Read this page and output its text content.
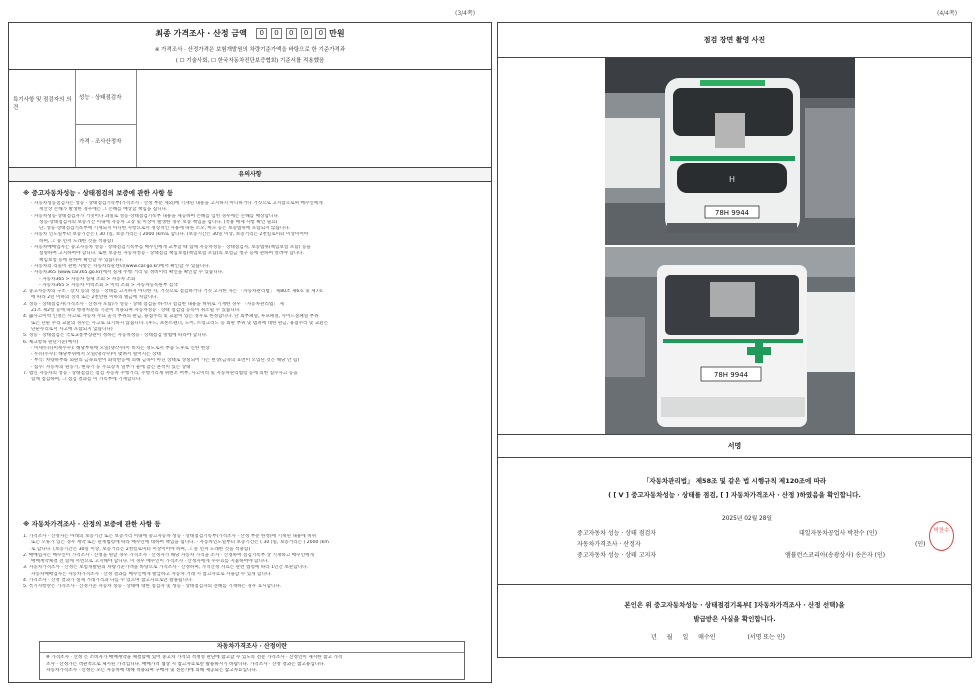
(3/4쪽)	(4/4쪽)
최종 가격조사 · 산정 금액 0 0 0 0 0 만원
※ 가격조사 · 산정가격은 보험개발원의 차량기준가액을 바탕으로 한 기준가격과
( ☐ 기술사회, ☐ 한국자동차진단보증협회) 기준서를 적용했음
특기사항 및 점검자의 의견
성능 · 상태점검자
가격 · 조사산정자
유의사항
※ 중고자동차성능 · 상태점검의 보증에 관한 사항 등
· 자동차성능점검자는 성능 · 상태점검기록부(가격조사 · 산정 부분 제외)에 기재된 내용을 고지하지 아니하거나 거짓으로 고지함으로써 매수인에게
재산상 손해가 발생한 경우에는 그 손해를 배상할 책임을 집니다.
· 자동차성능·상태점검자가 거짓이나 과실로 성능·상태점검기록부 내용을 제공하여 손해를 입힌 경우에는 손해를 배상합니다.
성능·상태점검자의 보증기간 이내에 자동차 고장 및 이상이 발생한 경우 보증 책임을 집니다. (적용 배제 사항 확인 필요)
단, 성능·상태점검기록부에 기재되지 아니한 사항으로서 정상적인 사용에 따른 소모, 마모 등은 보증범위에 포함되지 않습니다.
· 자동차 인도일부터 보증기간은 ( 30 )일, 보증거리는 ( 2000 )km로 합니다. (보증기간은 30일 이상, 보증거리는 2천킬로미터 이상이어야
하며, 그 중 먼저 도래한 것을 적용함)
· 자동차매매업자는 중고자동차 성능 · 상태점검기록부를 매수인에게 교부할 때 함께 자동차성능 · 상태점검자, 보증범위(책임보험 포함) 등을
설명하여 고지하여야 합니다. 또한 보증된 자동차성능 · 상태점검 책임보험(책임보험 포함)의 보험금 청구 등에 관하여 알려야 합니다.
책임보험 등에 관하여 확인할 수 있습니다.
· 자동차의 리콜이 관한 사항은 자동차리콜센터(www.car.go.kr)에서 확인할 수 있습니다.
· 자동차365 (www.car365.go.kr)에서 실제 주행 거리 및 정비이력 확인을 확인할 수 있습니다.
- 자동차365 > 자동차 실제 조회 > 자동차 조회
- 자동차365 > 자동차 이력조회 > 이력 조회 > 자동차등록원부 검색
2. 중고자동차의 구조 · 장치 등의 성능 · 상태를 고지하지 아니한 자, 거짓으로 점검하거나 거짓 고지한 자는 「자동차관리법」 제80조 제6호 및 제7호
에 따라 2년 이하의 징역 또는 2천만원 이하의 벌금에 처합니다.
3. 성능 · 상태점검자(가격조사 · 산정자 포함)가 성능 · 상태 점검을 하거나 점검한 내용을 허위로 기재한 경우 「자동차관리법」 제
21조 제2항 등에 따라 행정처분의 기준이 적용되며 자동차성능 · 상태 점검업 등록이 취소될 수 있습니다.
4. @사고이력 인정은 사고로 자동차 주요 골격 부위의 판금, 용접수리 및 교환이 있는 경우로 한정합니다. 단 외부패널, 루프패널, 사이드실패널 부위
또는 단순 수리 교환의 경우는 사고로 표기하지 않습니다. (후드, 프론트펜더, 도어, 트렁크리드 등 외판 부위 및 범퍼에 대한 판금, 용접수리 및 교환은
단순수리로서 사고에 포함되지 않습니다)
5. 성능 · 상태점검은 국토교통부장관이 정하는 자동차성능 · 상태점검 방법에 따라야 합니다.
6. 체크항목 판단기준(예시)
· 미세누유(미세누수): 해당부위에 오일(냉각수)이 비치는 정도로서 부품 노후로 인한 현상
· 누유(누수): 해당부위에서 오일(냉각수)이 맺혀서 떨어지는 상태
· 부식: 차량하부와 외판의 금속표면이 화학반응에 의해 금속이 아닌 상태로 상실되어 가는 현상(금속의 표면이 오염된 것은 해당 안 됨)
· 침수: 자동차의 원동기, 변속기 등 주요장치 일부가 물에 잠긴 흔적이 있는 상태
7. 법인 자동차의 성능 · 상태점검은 점검 자동차 주행거리, 주행거리계 위변조 여부, 사고이력 및 자동차관리법령 등에 의한 침수사고 등을
함께 점검하며, 그 점검 결과를 이 기록부에 기재합니다.
※ 자동차가격조사 · 산정의 보증에 관한 사항 등
1. 가격조사 · 산정자는 아래의 보증기간 또는 보증거리 이내에 중고자동차 성능 · 상태점검기록부(가격조사 · 산정 부분 한정)에 기재된 내용에 허위
또는 오류가 있는 경우 계약 또는 관계법령에 따라 매수인에 대하여 책임을 집니다. - 자동차인도일부터 보증기간은 ( 30 )일, 보증거리는 ( 2000 )km
로 합니다. (보증기간은 30일 이상, 보증거리는 2천킬로미터 이상이어야 하며, 그 중 먼저 도래한 것을 적용함)
2. 매매업자는 매수인이 가격조사 · 산정을 원할 경우 가격조사 · 산정자가 해당 자동차 가격을 조사 · 산정하여 점검기록부 상 기재하고 매수인에게
매매계약체결 전 함께 서면으로 고지해야 합니다. 이 경우 매수인이 가격조사 · 산정자에게 수수료를 지불하여야 합니다.
3. 자동차가격조사 · 산정은 보험개발원의 차량기준가액을 바탕으로 가격조사 · 산정하며, 가격산정 자료는 관련 법령에 따라 1년간 보관합니다.
자동차매매업자는 자동차가격조사 · 산정 결과를 매수인에게 발급하고 자동차 거래 시 참고자료로 사용할 수 있게 합니다.
4. 가격조사 · 산정 결과가 실제 거래가격과 다를 수 있으며 참고자료로만 활용됩니다.
5. 특기사항란은 가격조사 · 산정기준 자동차 성능 · 상태에 대한 점검자 및 성능 · 상태점검자의 견해를 기재하는 경우 표시합니다.
자동차가격조사 · 산정이란
※ 가격조사 · 산정 은 소비자가 매매계약을 체결함에 있어 중고차 가격의 적정성 판단에 참고할 수 있도록 전문 가격조사 · 산정인이 제시한 참고 가격
조사 · 산정가는 객관적으로 제시된 가격입니다. 매매가격 협상 시 참고자료로만 활용하시기 바랍니다. 가격조사 · 산정 결과는 참고용입니다.
자동차가격조사 · 산정은 모든 자동차에 대해 적용되며 구매자 및 전문가에 의해 제공되는 참고자료입니다.
점검 장면 촬영 사진
H
78H 9944
78H 9944
서명
「자동차관리법」 제58조 및 같은 법 시행규칙 제120조에 따라
( [ V ] 중고자동차성능 · 상태를 점검, [ ] 자동차가격조사 · 산정 )하였음을 확인합니다.
2025년 02월 28일
중고자동차 성능 · 상태 점검자	대일자동차공업사 박찬수 (인)
자동차가격조사 · 산정자	(인)
중고자동차 성능 · 상태 고지자	앰뷸런스코리아(송광상사) 송은자 (인)
박찬수
본인은 위 중고자동차성능 · 상태점검기록부[ ]자동차가격조사 · 산정 선택)을
발급받은 사실을 확인합니다.
년 월 일 매수인	(서명 또는 인)
